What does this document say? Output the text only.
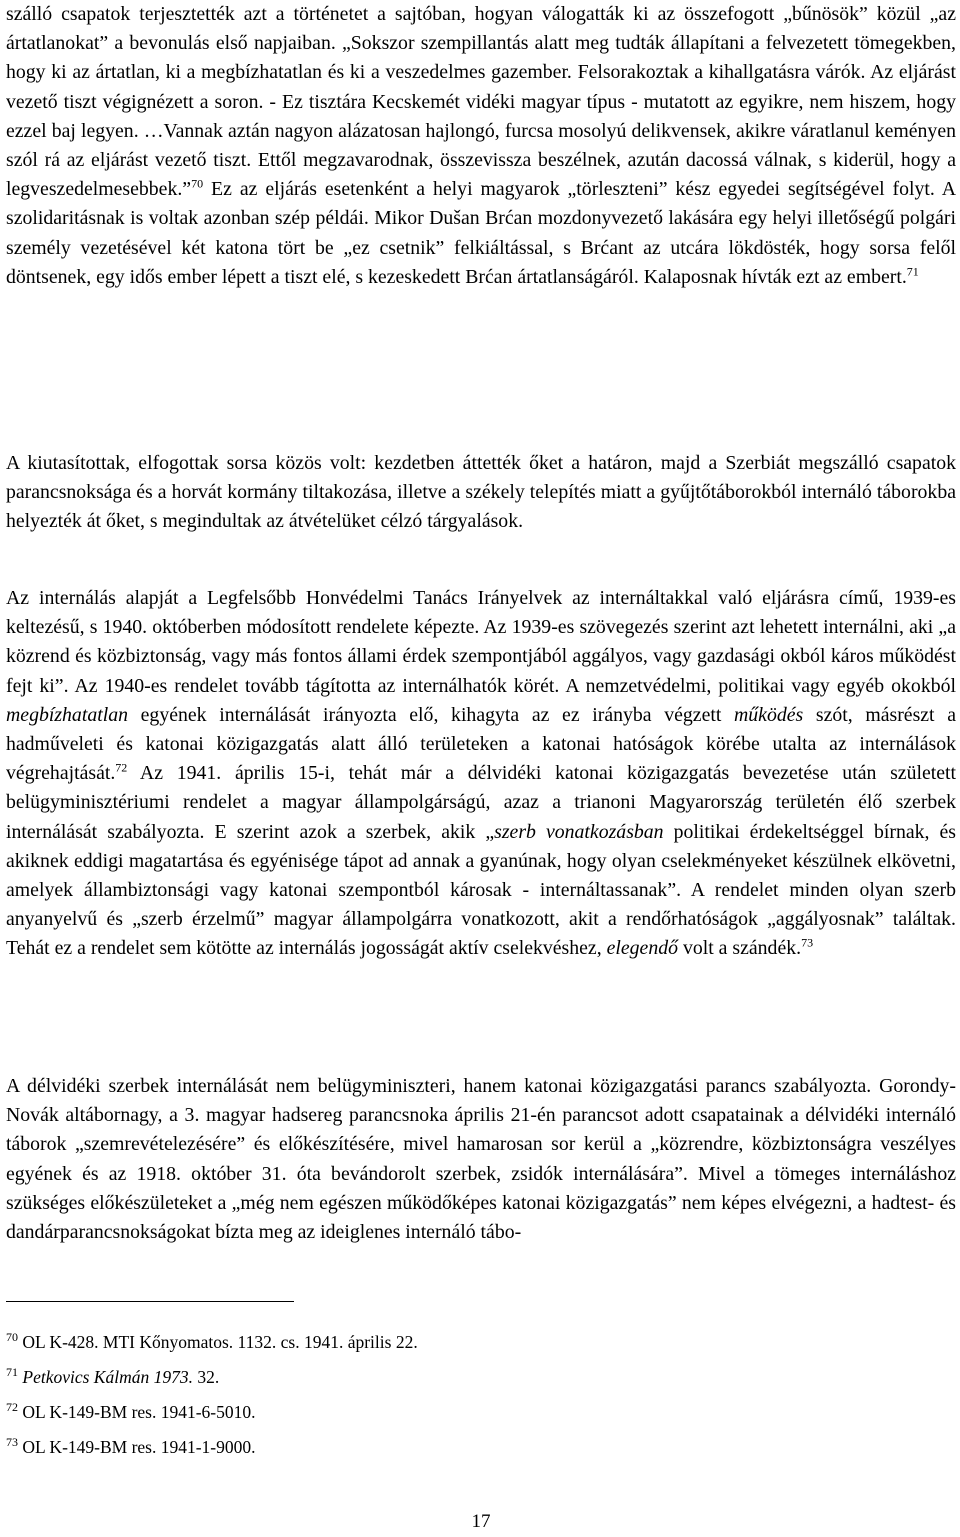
szálló csapatok terjesztették azt a történetet a sajtóban, hogyan válogatták ki az összefogott „bűnösök” közül „az ártatlanokat” a bevonulás első napjaiban. „Sokszor szempillantás alatt meg tudták állapítani a felvezetett tömegekben, hogy ki az ártatlan, ki a megbízhatatlan és ki a veszedelmes gazember. Felsorakoztak a kihallgatásra várók. Az eljárást vezető tiszt végignézett a soron. - Ez tisztára Kecskemét vidéki magyar típus - mutatott az egyikre, nem hiszem, hogy ezzel baj legyen. …Vannak aztán nagyon alázatosan hajlongó, furcsa mosolyú delikvensek, akikre váratlanul keményen szól rá az eljárást vezető tiszt. Ettől megzavarodnak, összevissza beszélnek, azután dacossá válnak, s kiderül, hogy a legveszedelmesebbek.”$^{70}$ Ez az eljárás esetenként a helyi magyarok „törleszteni” kész egyedei segítségével folyt. A szolidaritásnak is voltak azonban szép példái. Mikor Dušan Brćan mozdonyvezető lakására egy helyi illetőségű polgári személy vezetésével két katona tört be „ez csetnik” felkiáltással, s Brćant az utcára lökdösték, hogy sorsa felől döntsenek, egy idős ember lépett a tiszt elé, s kezeskedett Brćan ártatlanságáról. Kalaposnak hívták ezt az embert.$^{71}$

A kiutasítottak, elfogottak sorsa közös volt: kezdetben áttették őket a határon, majd a Szerbiát megszálló csapatok parancsnoksága és a horvát kormány tiltakozása, illetve a székely telepítés miatt a gyűjtőtáborokból internáló táborokba helyezték át őket, s megindultak az átvételüket célzó tárgyalások.

Az internálás alapját a Legfelsőbb Honvédelmi Tanács Irányelvek az internáltakkal való eljárásra című, 1939-es keltezésű, s 1940. októberben módosított rendelete képezte. Az 1939-es szövegezés szerint azt lehetett internálni, aki „a közrend és közbiztonság, vagy más fontos állami érdek szempontjából aggályos, vagy gazdasági okból káros működést fejt ki”. Az 1940-es rendelet tovább tágította az internálhatók körét. A nemzetvédelmi, politikai vagy egyéb okokból megbízhatatlan egyének internálását irányozta elő, kihagyta az ez irányba végzett működés szót, másrészt a hadműveleti és katonai közigazgatás alatt álló területeken a katonai hatóságok körébe utalta az internálások végrehajtását.$^{72}$ Az 1941. április 15-i, tehát már a délvidéki katonai közigazgatás bevezetése után született belügyminisztériumi rendelet a magyar állampolgárságú, azaz a trianoni Magyarország területén élő szerbek internálását szabályozta. E szerint azok a szerbek, akik „szerb vonatkozásban politikai érdekeltséggel bírnak, és akiknek eddigi magatartása és egyénisége tápot ad annak a gyanúnak, hogy olyan cselekményeket készülnek elkövetni, amelyek állambiztonsági vagy katonai szempontból károsak - internáltassanak”. A rendelet minden olyan szerb anyanyelvű és „szerb érzelmű” magyar állampolgárra vonatkozott, akit a rendőrhatóságok „aggályosnak” találtak. Tehát ez a rendelet sem kötötte az internálás jogosságát aktív cselekvéshez, elegendő volt a szándék.$^{73}$

A délvidéki szerbek internálását nem belügyminiszteri, hanem katonai közigazgatási parancs szabályozta. Gorondy-Novák altábornagy, a 3. magyar hadsereg parancsnoka április 21-én parancsot adott csapatainak a délvidéki internáló táborok „szemrevételezésére” és előkészítésére, mivel hamarosan sor kerül a „közrendre, közbiztonságra veszélyes egyének és az 1918. október 31. óta bevándorolt szerbek, zsidók internálására”. Mivel a tömeges internáláshoz szükséges előkészületeket a „még nem egészen működőképes katonai közigazgatás” nem képes elvégezni, a hadtest- és dandárparancsnokságokat bízta meg az ideiglenes internáló tábo-

$^{70}$ OL K-428. MTI Kőnyomatos. 1132. cs. 1941. április 22.
$^{71}$ Petkovics Kálmán 1973. 32.
$^{72}$ OL K-149-BM res. 1941-6-5010.
$^{73}$ OL K-149-BM res. 1941-1-9000.
17
